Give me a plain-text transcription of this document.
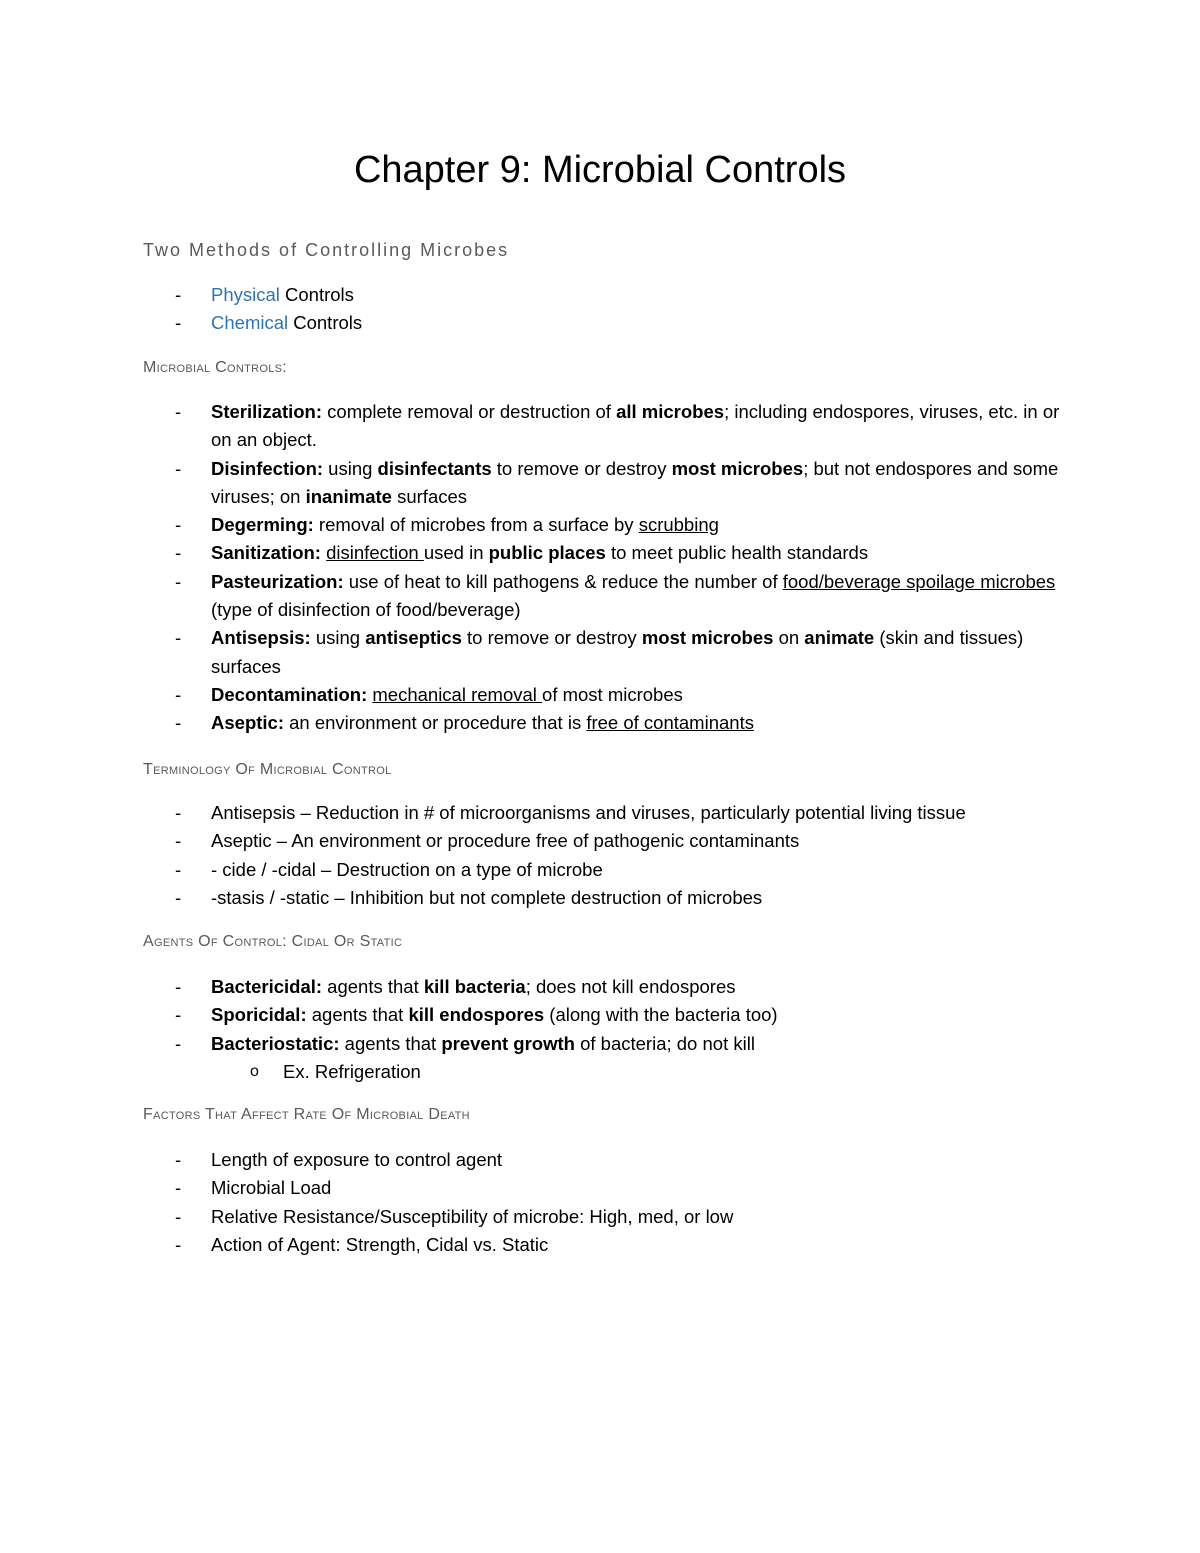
Chapter 9: Microbial Controls
Two Methods of Controlling Microbes
- Physical Controls
- Chemical Controls
Microbial Controls:
- Sterilization: complete removal or destruction of all microbes; including endospores, viruses, etc. in or on an object.
- Disinfection: using disinfectants to remove or destroy most microbes; but not endospores and some viruses; on inanimate surfaces
- Degerming: removal of microbes from a surface by scrubbing
- Sanitization: disinfection used in public places to meet public health standards
- Pasteurization: use of heat to kill pathogens & reduce the number of food/beverage spoilage microbes (type of disinfection of food/beverage)
- Antisepsis: using antiseptics to remove or destroy most microbes on animate (skin and tissues) surfaces
- Decontamination: mechanical removal of most microbes
- Aseptic: an environment or procedure that is free of contaminants
Terminology Of Microbial Control
- Antisepsis – Reduction in # of microorganisms and viruses, particularly potential living tissue
- Aseptic – An environment or procedure free of pathogenic contaminants
- - cide / -cidal – Destruction on a type of microbe
- -stasis / -static – Inhibition but not complete destruction of microbes
Agents Of Control: Cidal Or Static
- Bactericidal: agents that kill bacteria; does not kill endospores
- Sporicidal: agents that kill endospores (along with the bacteria too)
- Bacteriostatic: agents that prevent growth of bacteria; do not kill
o Ex. Refrigeration
Factors That Affect Rate Of Microbial Death
- Length of exposure to control agent
- Microbial Load
- Relative Resistance/Susceptibility of microbe: High, med, or low
- Action of Agent: Strength, Cidal vs. Static
